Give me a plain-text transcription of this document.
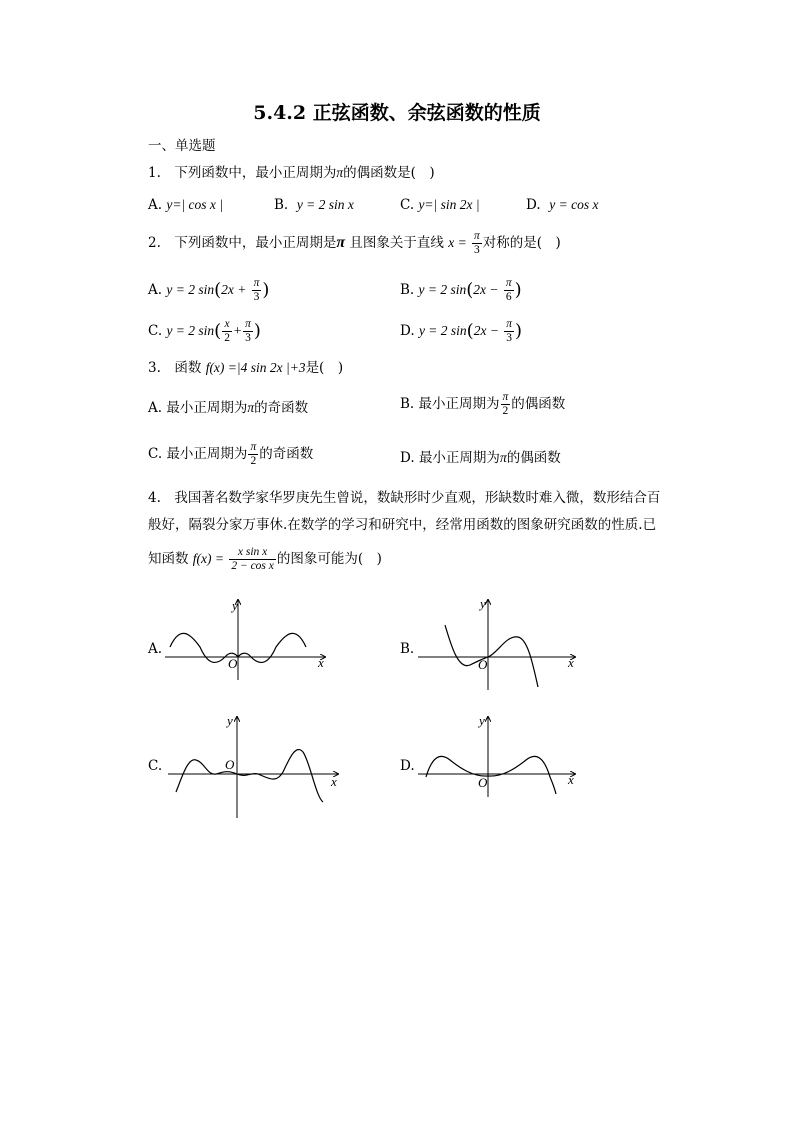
5.4.2 正弦函数、余弦函数的性质
一、单选题
1.　下列函数中，最小正周期为π的偶函数是(　)
A. y=| cos x |	B. y = 2 sin x	C. y=| sin 2x |	D. y = cos x
2.　下列函数中，最小正周期是π 且图象关于直线 $x = \frac{\pi}{3}$ 对称的是(　)
A. y = 2 $\sin(2x + \frac{\pi}{3}$ )	B. y = 2 $\sin(2x - \frac{\pi}{6}$ )
C. y = 2 $\sin( \frac{x}{2} + \frac{\pi}{3}$ )	D. y = 2 $\sin(2x - \frac{\pi}{3}$ )
3.　函数 f(x) =|4 sin 2x |+3是(　)
A. 最小正周期为π的奇函数	B. 最小正周期为 $\frac{\pi}{2}$ 的偶函数
C. 最小正周期为 $\frac{\pi}{2}$ 的奇函数	D. 最小正周期为π的偶函数
4.　我国著名数学家华罗庚先生曾说，数缺形时少直观，形缺数时难入微，数形结合百
般好，隔裂分家万事休.在数学的学习和研究中，经常用函数的图象研究函数的性质.已
知函数 $f(x) = \frac{\text{x sin x}}{\text{2 − cos x}}$ 的图象可能为(　)
A.	B.
C.	D.
y
x
O
y
x
O
y
x
O
y
x
O
